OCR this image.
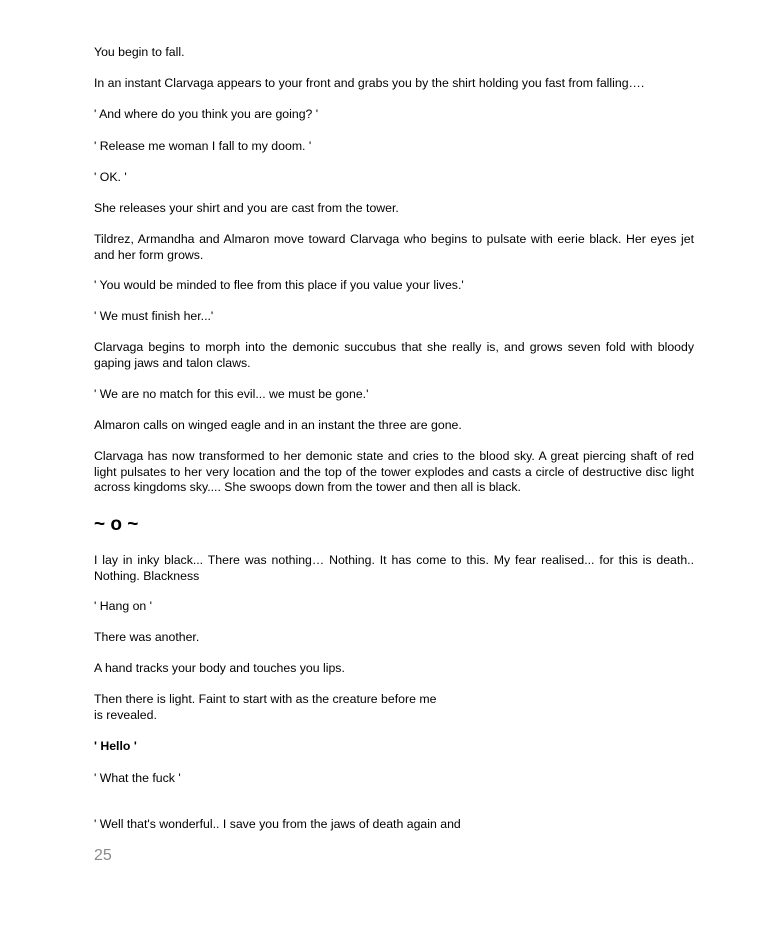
You begin to fall.

In an instant Clarvaga appears to your front and grabs you by the shirt holding you fast from falling….

' And where do you think you are going? '

' Release me woman I fall to my doom. '

' OK. '

She releases your shirt and you are cast from the tower.

Tildrez, Armandha and Almaron move toward Clarvaga who begins to pulsate with eerie black. Her eyes jet and her form grows.

' You would be minded to flee from this place if you value your lives.'

' We must finish her...'

Clarvaga begins to morph into the demonic succubus that she really is, and grows seven fold with bloody gaping jaws and talon claws.

' We are no match for this evil... we must be gone.'

Almaron calls on winged eagle and in an instant the three are gone.

Clarvaga has now transformed to her demonic state and cries to the blood sky. A great piercing shaft of red light pulsates to her very location and the top of the tower explodes and casts a circle of destructive disc light across kingdoms sky.... She swoops down from the tower and then all is black.

~ o ~

I lay in inky black... There was nothing… Nothing. It has come to this. My fear realised... for this is death.. Nothing. Blackness

' Hang on '

There was another.

A hand tracks your body and touches you lips.

Then there is light. Faint to start with as the creature before me

is revealed.

' Hello '

' What the fuck '

' Well that's wonderful.. I save you from the jaws of death again and

25
